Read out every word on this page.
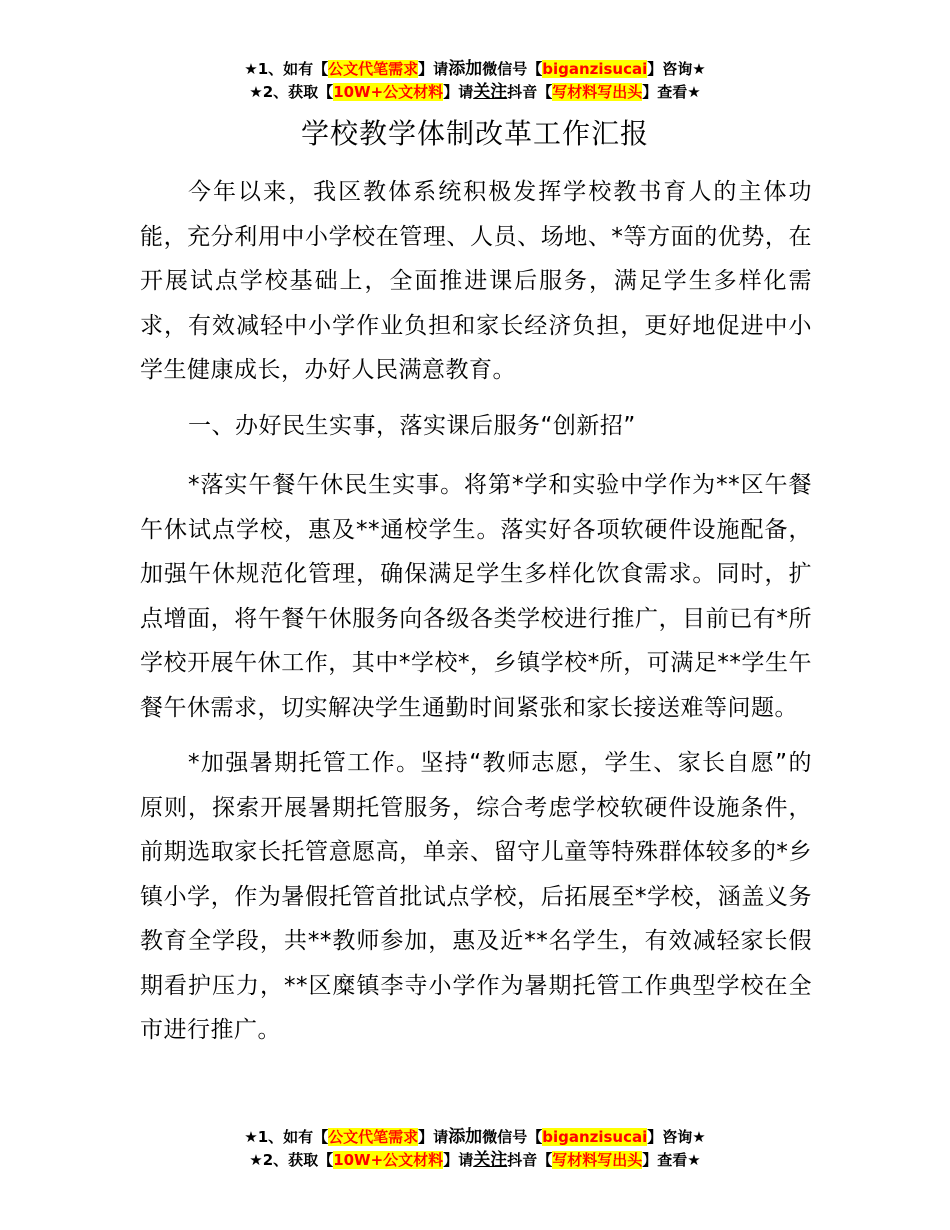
★1、如有【公文代笔需求】请添加微信号【biganzisucai】咨询★
★2、获取【10W+公文材料】请关注抖音【写材料写出头】查看★
学校教学体制改革工作汇报

今年以来，我区教体系统积极发挥学校教书育人的主体功能，充分利用中小学校在管理、人员、场地、*等方面的优势，在开展试点学校基础上，全面推进课后服务，满足学生多样化需求，有效减轻中小学作业负担和家长经济负担，更好地促进中小学生健康成长，办好人民满意教育。

一、办好民生实事，落实课后服务“创新招”

*落实午餐午休民生实事。将第*学和实验中学作为**区午餐午休试点学校，惠及**通校学生。落实好各项软硬件设施配备，加强午休规范化管理，确保满足学生多样化饮食需求。同时，扩点增面，将午餐午休服务向各级各类学校进行推广，目前已有*所学校开展午休工作，其中*学校*，乡镇学校*所，可满足**学生午餐午休需求，切实解决学生通勤时间紧张和家长接送难等问题。

*加强暑期托管工作。坚持“教师志愿，学生、家长自愿”的原则，探索开展暑期托管服务，综合考虑学校软硬件设施条件，前期选取家长托管意愿高，单亲、留守儿童等特殊群体较多的*乡镇小学，作为暑假托管首批试点学校，后拓展至*学校，涵盖义务教育全学段，共**教师参加，惠及近**名学生，有效减轻家长假期看护压力，**区糜镇李寺小学作为暑期托管工作典型学校在全市进行推广。

★1、如有【公文代笔需求】请添加微信号【biganzisucai】咨询★
★2、获取【10W+公文材料】请关注抖音【写材料写出头】查看★
